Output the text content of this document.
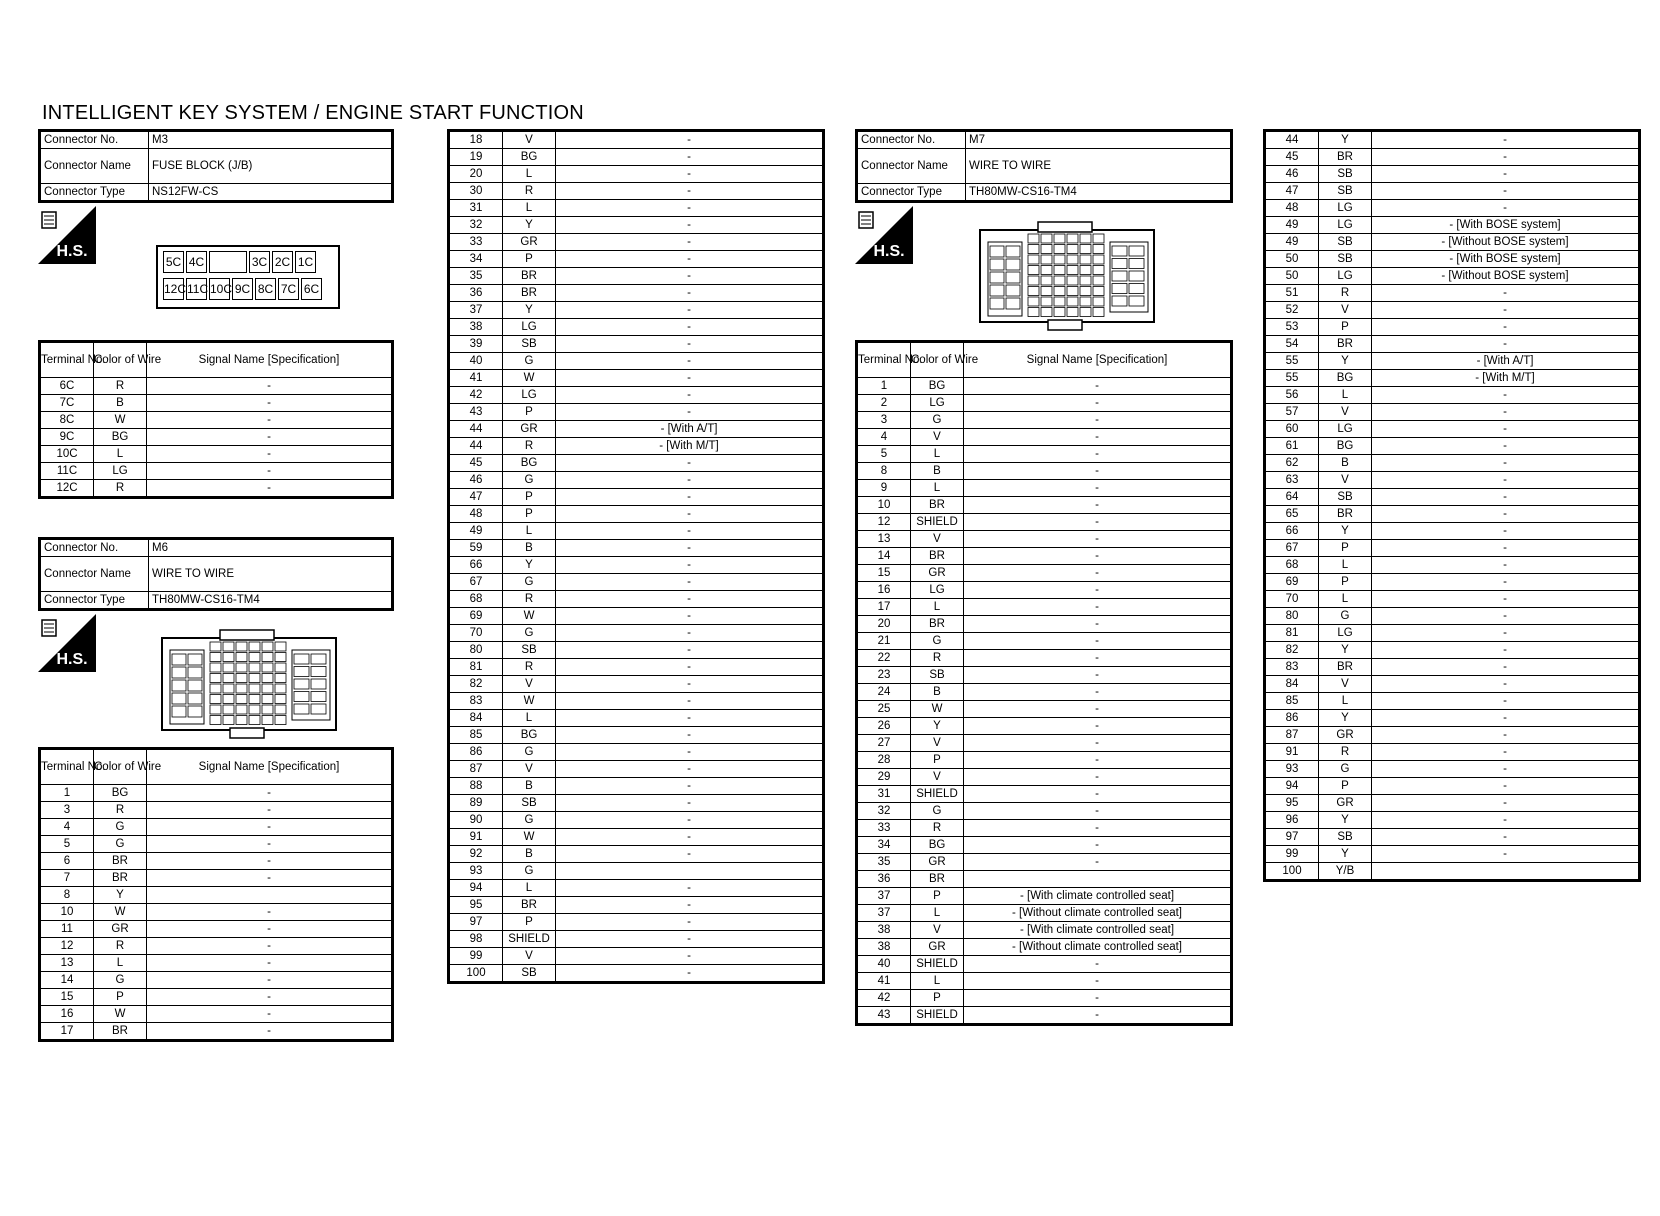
INTELLIGENT KEY SYSTEM / ENGINE START FUNCTION
Connector No.	M3
Connector Name	FUSE BLOCK (J/B)
Connector Type	NS12FW-CS
H.S.
5C 4C	3C 2C 1C
12C 11C 10C 9C 8C 7C 6C
Terminal No.	Color of Wire	Signal Name [Specification]
6C	R	-
7C	B	-
8C	W	-
9C	BG	-
10C	L	-
11C	LG	-
12C	R	-
Connector No.	M6
Connector Name	WIRE TO WIRE
Connector Type	TH80MW-CS16-TM4
H.S.
Terminal No.	Color of Wire	Signal Name [Specification]
1	BG	-
3	R	-
4	G	-
5	G	-
6	BR	-
7	BR	-
8	Y	
10	W	-
11	GR	-
12	R	-
13	L	-
14	G	-
15	P	-
16	W	-
17	BR	-
18	V	-
19	BG	-
20	L	-
30	R	-
31	L	-
32	Y	-
33	GR	-
34	P	-
35	BR	-
36	BR	-
37	Y	-
38	LG	-
39	SB	-
40	G	-
41	W	-
42	LG	-
43	P	-
44	GR	- [With A/T]
44	R	- [With M/T]
45	BG	-
46	G	-
47	P	-
48	P	-
49	L	-
59	B	-
66	Y	-
67	G	-
68	R	-
69	W	-
70	G	-
80	SB	-
81	R	-
82	V	-
83	W	-
84	L	-
85	BG	-
86	G	-
87	V	-
88	B	-
89	SB	-
90	G	-
91	W	-
92	B	-
93	G	
94	L	-
95	BR	-
97	P	-
98	SHIELD	-
99	V	-
100	SB	-
Connector No.	M7
Connector Name	WIRE TO WIRE
Connector Type	TH80MW-CS16-TM4
H.S.
Terminal No.	Color of Wire	Signal Name [Specification]
1	BG	-
2	LG	-
3	G	-
4	V	-
5	L	-
8	B	-
9	L	-
10	BR	-
12	SHIELD	-
13	V	-
14	BR	-
15	GR	-
16	LG	-
17	L	-
20	BR	-
21	G	-
22	R	-
23	SB	-
24	B	-
25	W	-
26	Y	-
27	V	-
28	P	-
29	V	-
31	SHIELD	-
32	G	-
33	R	-
34	BG	-
35	GR	-
36	BR	
37	P	- [With climate controlled seat]
37	L	- [Without climate controlled seat]
38	V	- [With climate controlled seat]
38	GR	- [Without climate controlled seat]
40	SHIELD	-
41	L	-
42	P	-
43	SHIELD	-
44	Y	-
45	BR	-
46	SB	-
47	SB	-
48	LG	-
49	LG	- [With BOSE system]
49	SB	- [Without BOSE system]
50	SB	- [With BOSE system]
50	LG	- [Without BOSE system]
51	R	-
52	V	-
53	P	-
54	BR	-
55	Y	- [With A/T]
55	BG	- [With M/T]
56	L	-
57	V	-
60	LG	-
61	BG	-
62	B	-
63	V	-
64	SB	-
65	BR	-
66	Y	-
67	P	-
68	L	-
69	P	-
70	L	-
80	G	-
81	LG	-
82	Y	-
83	BR	-
84	V	-
85	L	-
86	Y	-
87	GR	-
91	R	-
93	G	-
94	P	-
95	GR	-
96	Y	-
97	SB	-
99	Y	-
100	Y/B	
